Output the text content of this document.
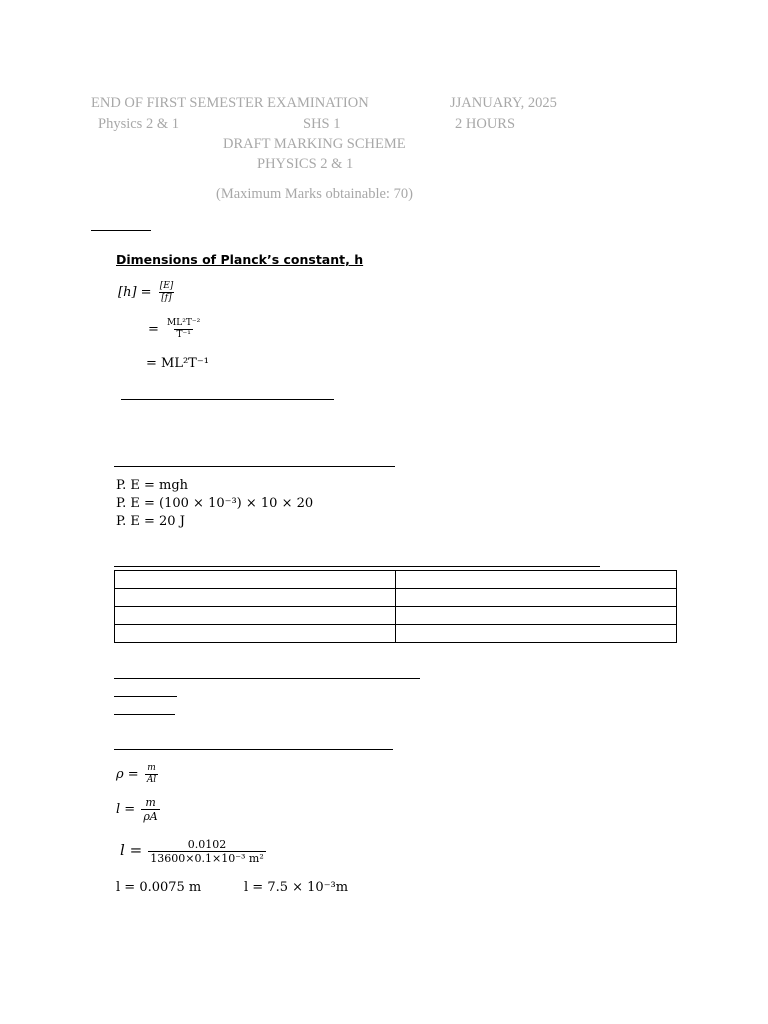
END OF FIRST SEMESTER EXAMINATION	JJANUARY, 2025
Physics 2 & 1	SHS 1	2 HOURS
DRAFT MARKING SCHEME
PHYSICS 2 & 1
(Maximum Marks obtainable: 70)
Dimensions of Planck’s constant, h
$[h] = \frac{[E]}{[f]}$
= $\frac{\text{ML²T⁻²}}{\text{T⁻¹}}$
= ML²T⁻¹
P. E = mgh
P. E = (100 × 10⁻³) × 10 × 20
P. E = 20 J

$\rho = \frac{m}{Al}$
$l = \frac{m}{\rho A}$
$l = \frac{0.0102}{\text{13600×0.1×10⁻³ m²}}$
l = 0.0075 m	l = 7.5 × 10⁻³m
